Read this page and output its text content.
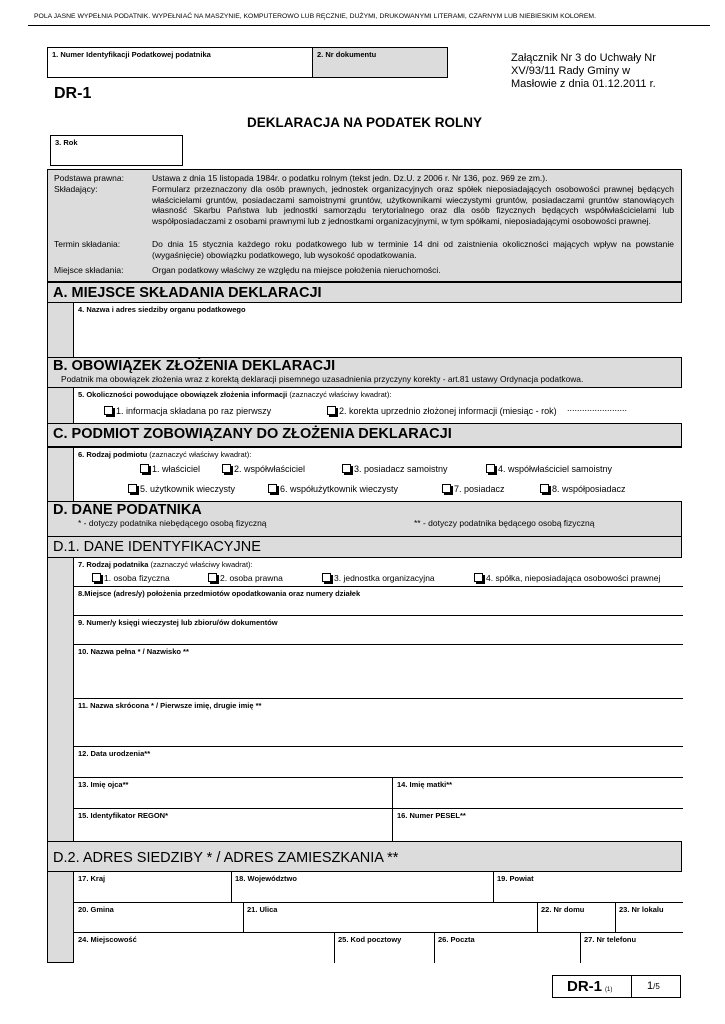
POLA JASNE WYPEŁNIA PODATNIK. WYPEŁNIAĆ NA MASZYNIE, KOMPUTEROWO LUB RĘCZNIE, DUŻYMI, DRUKOWANYMI LITERAMI, CZARNYM LUB NIEBIESKIM KOLOREM.
1. Numer Identyfikacji Podatkowej podatnika	2. Nr dokumentu	Załącznik Nr 3 do Uchwały Nr XV/93/11 Rady Gminy w Masłowie z dnia 01.12.2011 r.
DR-1
DEKLARACJA NA PODATEK ROLNY
3. Rok
Podstawa prawna:	Ustawa z dnia 15 listopada 1984r. o podatku rolnym (tekst jedn. Dz.U. z 2006 r. Nr 136, poz. 969 ze zm.).
Składający:	Formularz przeznaczony dla osób prawnych, jednostek organizacyjnych oraz spółek nieposiadających osobowości prawnej będących właścicielami gruntów, posiadaczami samoistnymi gruntów, użytkownikami wieczystymi gruntów, posiadaczami gruntów stanowiących własność Skarbu Państwa lub jednostki samorządu terytorialnego oraz dla osób fizycznych będących współwłaścicielami lub współposiadaczami z osobami prawnymi lub z jednostkami organizacyjnymi, w tym spółkami, nieposiadającymi osobowości prawnej.
Termin składania:	Do dnia 15 stycznia każdego roku podatkowego lub w terminie 14 dni od zaistnienia okoliczności mających wpływ na powstanie (wygaśnięcie) obowiązku podatkowego, lub wysokość opodatkowania.
Miejsce składania:	Organ podatkowy właściwy ze względu na miejsce położenia nieruchomości.
A. MIEJSCE SKŁADANIA DEKLARACJI
4. Nazwa i adres siedziby organu podatkowego
B. OBOWIĄZEK ZŁOŻENIA DEKLARACJI
Podatnik ma obowiązek złożenia wraz z korektą deklaracji pisemnego uzasadnienia przyczyny korekty - art.81 ustawy Ordynacja podatkowa.
5. Okoliczności powodujące obowiązek złożenia informacji (zaznaczyć właściwy kwadrat):
1. informacja składana po raz pierwszy	2. korekta uprzednio złożonej informacji (miesiąc - rok) ........................
C. PODMIOT ZOBOWIĄZANY DO ZŁOŻENIA DEKLARACJI
6. Rodzaj podmiotu (zaznaczyć właściwy kwadrat):
1. właściciel	2. współwłaściciel	3. posiadacz samoistny	4. współwłaściciel samoistny
5. użytkownik wieczysty	6. współużytkownik wieczysty	7. posiadacz	8. współposiadacz
D. DANE PODATNIKA
* - dotyczy podatnika niebędącego osobą fizyczną	** - dotyczy podatnika będącego osobą fizyczną
D.1. DANE IDENTYFIKACYJNE
7. Rodzaj podatnika (zaznaczyć właściwy kwadrat):
1. osoba fizyczna	2. osoba prawna	3. jednostka organizacyjna	4. spółka, nieposiadająca osobowości prawnej
8.Miejsce (adres/y) położenia przedmiotów opodatkowania oraz numery działek
9. Numer/y księgi wieczystej lub zbioru/ów dokumentów
10. Nazwa pełna * / Nazwisko **
11. Nazwa skrócona * / Pierwsze imię, drugie imię **
12. Data urodzenia**
13. Imię ojca**	14. Imię matki**
15. Identyfikator REGON*	16. Numer PESEL**
D.2. ADRES SIEDZIBY * / ADRES ZAMIESZKANIA **
17. Kraj	18. Województwo	19. Powiat
20. Gmina	21. Ulica	22. Nr domu	23. Nr lokalu
24. Miejscowość	25. Kod pocztowy	26. Poczta	27. Nr telefonu
DR-1 (1)	1/5
